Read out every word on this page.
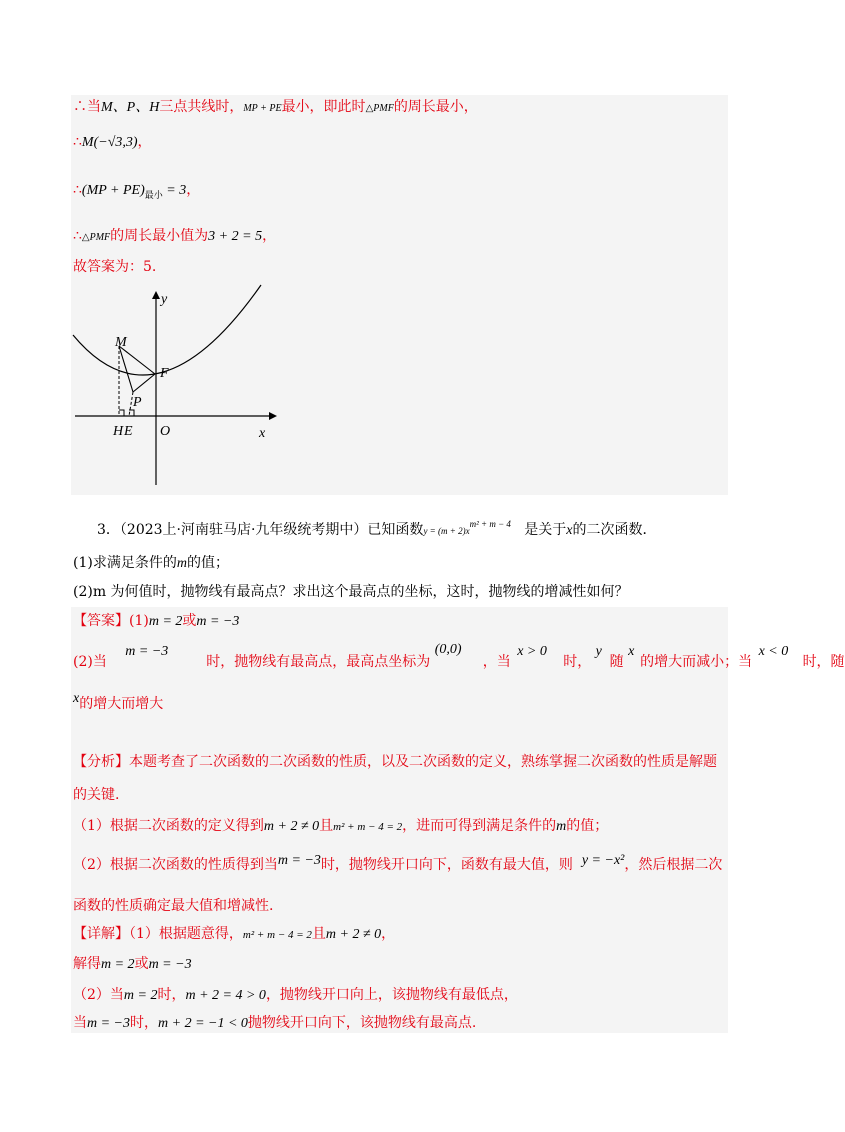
∴当M、P、H三点共线时，MP + PE最小，即此时△PMF的周长最小，
∴M(−√3,3)，
∴(MP + $PE)_{最小} = 3$，
∴△PMF的周长最小值为3 + 2 = 5，
故答案为：5.
y
x
M
F
P
H E O
3．（2023上·河南驻马店·九年级统考期中）已知函数$y = (m + 2)x^{m^2 + m - 4}$ 是关于x的二次函数．
(1)求满足条件的m的值；
(2)m 为何值时，抛物线有最高点？求出这个最高点的坐标，这时，抛物线的增减性如何？
【答案】(1)m = 2或m = −3
(2)当
m = −3
时，抛物线有最高点，最高点坐标为
(0,0)
，当
x > 0
时，
y
随
x
的增大而减小；当
x < 0
时，随
x的增大而增大
【分析】本题考查了二次函数的二次函数的性质，以及二次函数的定义，熟练掌握二次函数的性质是解题
的关键.
（1）根据二次函数的定义得到m + 2 ≠ 0且m² + m − 4 = 2，进而可得到满足条件的m的值；
（2）根据二次函数的性质得到当m = −3时，抛物线开口向下，函数有最大值，则 y = −x²，然后根据二次
函数的性质确定最大值和增减性.
【详解】（1）根据题意得，m² + m − 4 = 2且m + 2 ≠ 0，
解得m = 2或m = −3
（2）当m = 2时，m + 2 = 4 > 0，抛物线开口向上，该抛物线有最低点，
当m = −3时，m + 2 = −1 < 0抛物线开口向下，该抛物线有最高点.
